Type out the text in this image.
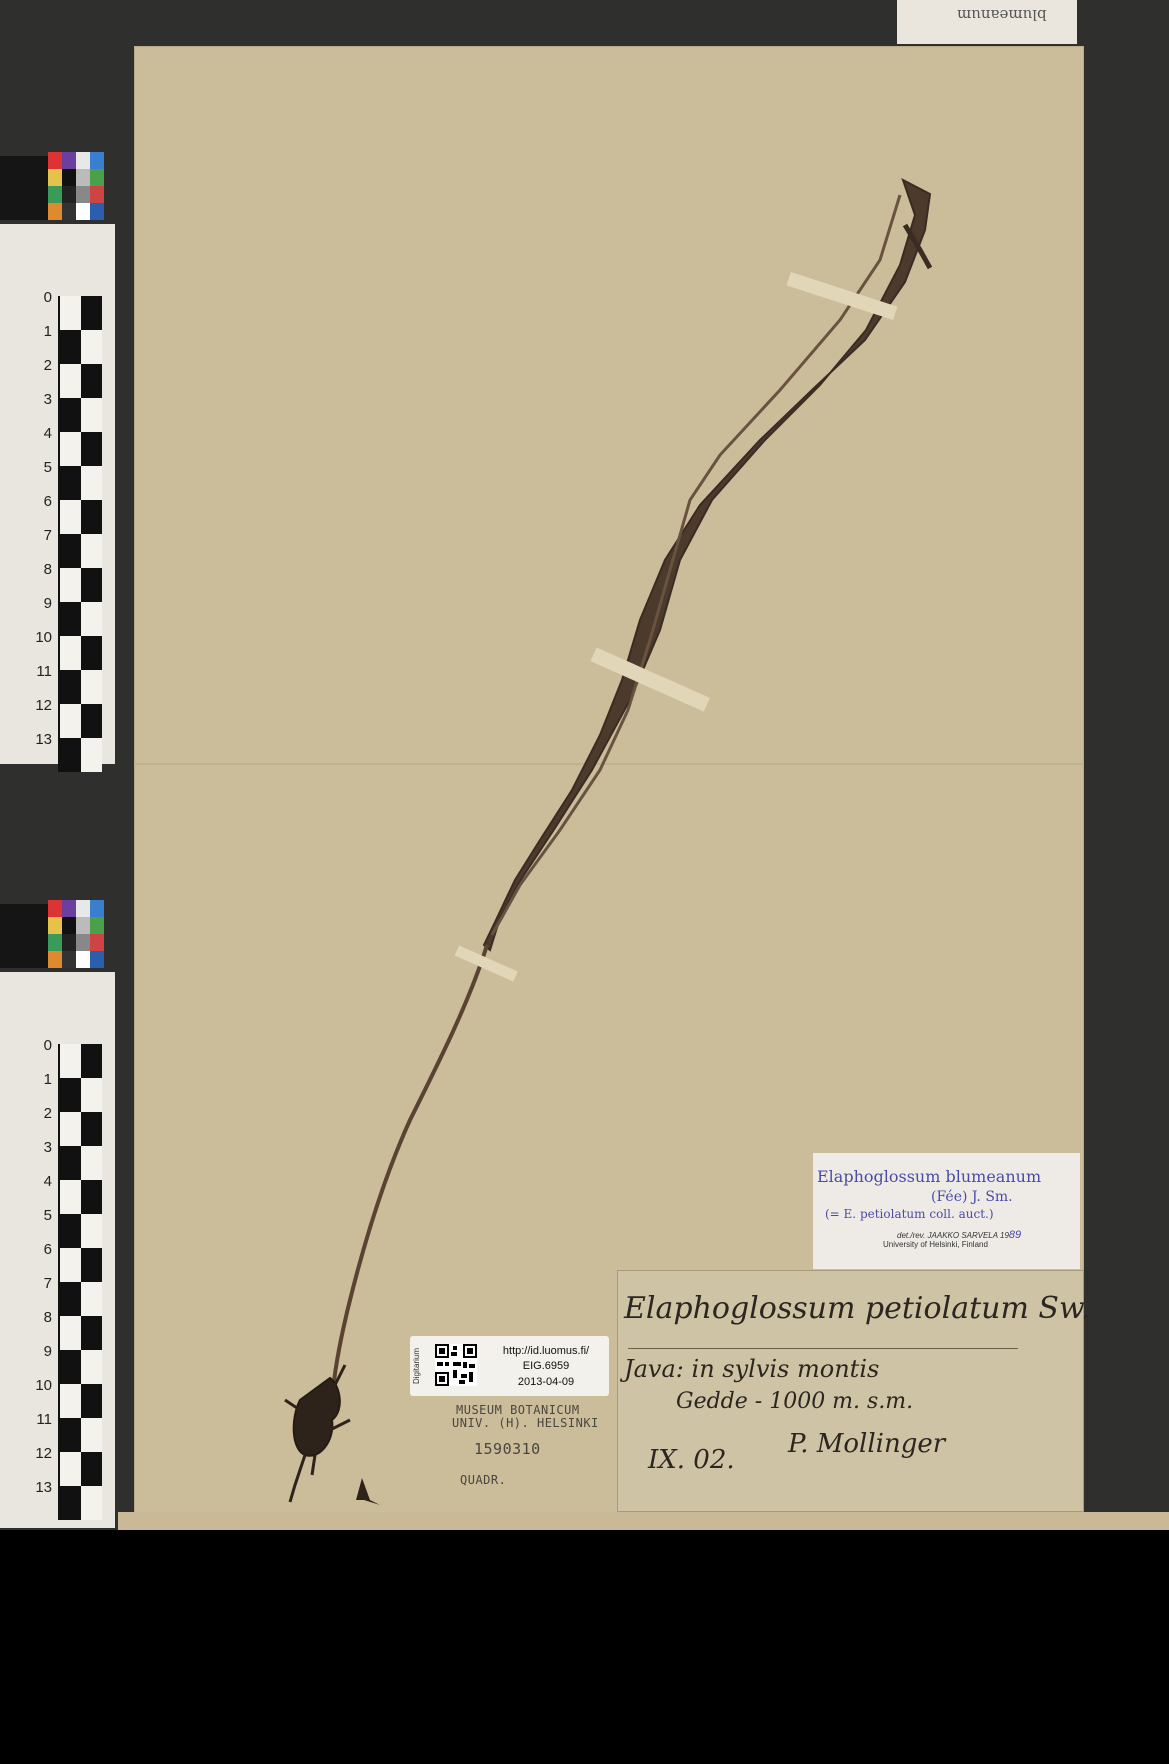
blumeanum
0
1
2
3
4
5
6
7
8
9
10
11
12
13
0
1
2
3
4
5
6
7
8
9
10
11
12
13
Digitarium	http://id.luomus.fi/
EIG.6959
2013-04-09
MUSEUM BOTANICUM
UNIV. (H). HELSINKI
1590310
QUADR.
Elaphoglossum blumeanum
(Fée) J. Sm.
(= E. petiolatum coll. auct.)
det./rev. JAAKKO SARVELA 1989
University of Helsinki, Finland
Elaphoglossum petiolatum Sw.
Java: in sylvis montis
Gedde - 1000 m. s.m.
P. Mollinger
IX. 02.
